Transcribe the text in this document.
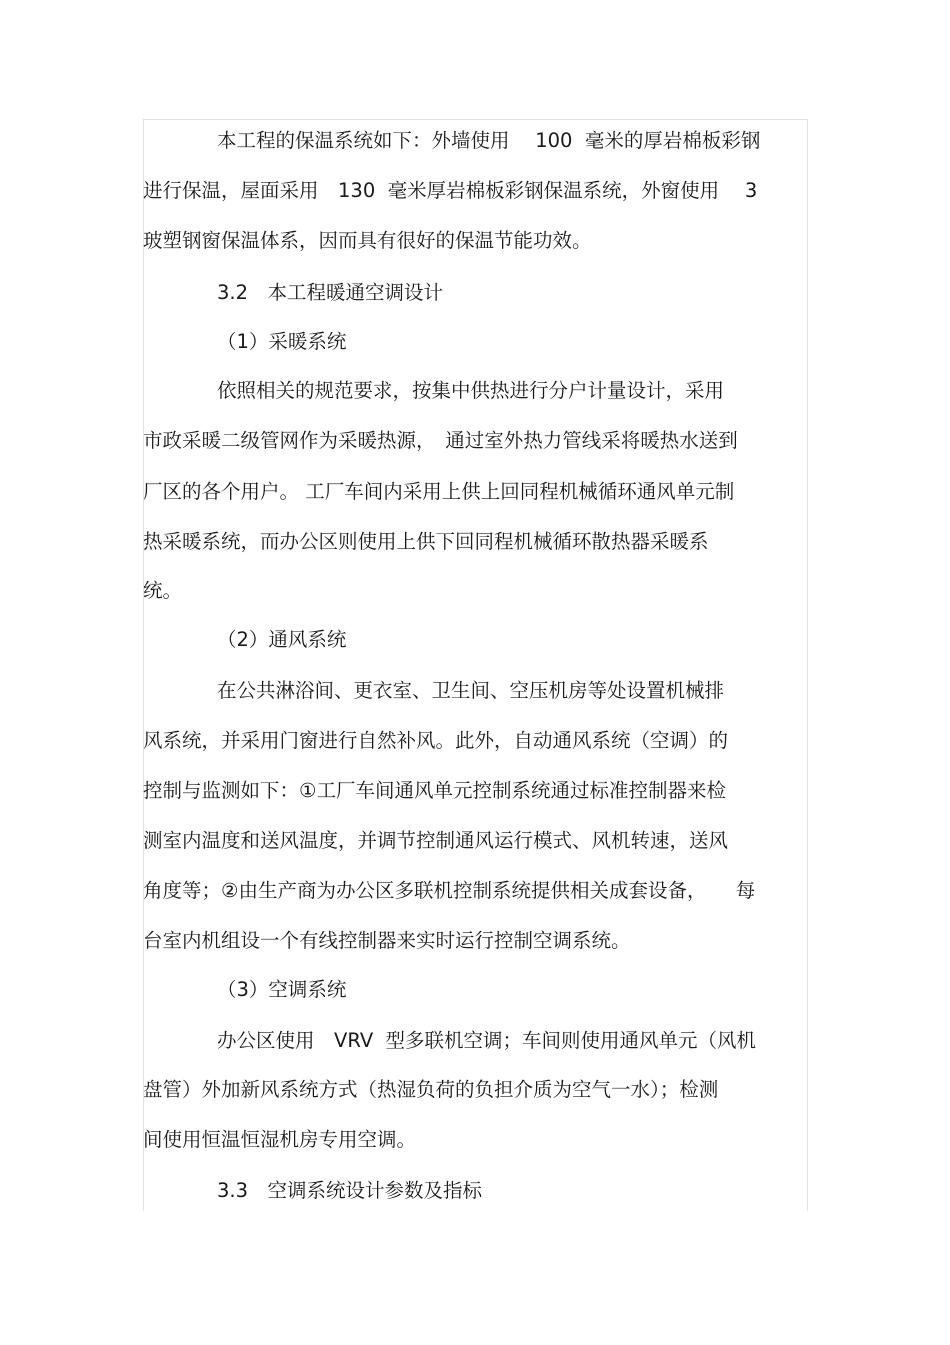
本工程的保温系统如下：外墙使用　 100  毫米的厚岩棉板彩钢
进行保温，屋面采用　130  毫米厚岩棉板彩钢保温系统，外窗使用　 3
玻塑钢窗保温体系，因而具有很好的保温节能功效。
3.2　本工程暖通空调设计
（1）采暖系统
依照相关的规范要求，按集中供热进行分户计量设计，采用
市政采暖二级管网作为采暖热源，　通过室外热力管线采将暖热水送到
厂区的各个用户。 工厂车间内采用上供上回同程机械循环通风单元制
热采暖系统，而办公区则使用上供下回同程机械循环散热器采暖系
统。
（2）通风系统
在公共淋浴间、更衣室、卫生间、空压机房等处设置机械排
风系统，并采用门窗进行自然补风。此外，自动通风系统（空调）的
控制与监测如下：①工厂车间通风单元控制系统通过标准控制器来检
测室内温度和送风温度，并调节控制通风运行模式、风机转速，送风
角度等；②由生产商为办公区多联机控制系统提供相关成套设备，　　每
台室内机组设一个有线控制器来实时运行控制空调系统。
（3）空调系统
办公区使用　VRV  型多联机空调；车间则使用通风单元（风机
盘管）外加新风系统方式（热湿负荷的负担介质为空气一水）；检测
间使用恒温恒湿机房专用空调。
3.3　空调系统设计参数及指标
